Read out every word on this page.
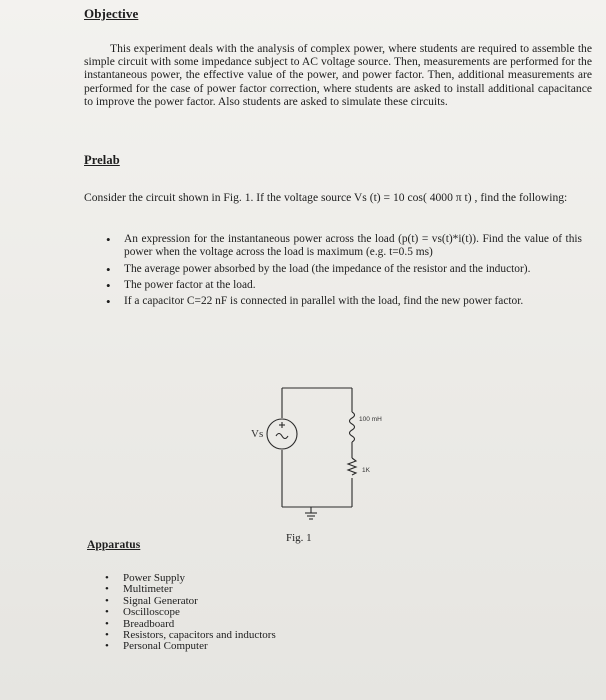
Objective
This experiment deals with the analysis of complex power, where students are required to assemble the simple circuit with some impedance subject to AC voltage source. Then, measurements are performed for the instantaneous power, the effective value of the power, and power factor. Then, additional measurements are performed for the case of power factor correction, where students are asked to install additional capacitance to improve the power factor. Also students are asked to simulate these circuits.
Prelab
Consider the circuit shown in Fig. 1. If the voltage source Vs (t) = 10 cos( 4000 π t) , find the following:
• An expression for the instantaneous power across the load (p(t) = vs(t)*i(t)). Find the value of this power when the voltage across the load is maximum (e.g. t=0.5 ms)
• The average power absorbed by the load (the impedance of the resistor and the inductor).
• The power factor at the load.
• If a capacitor C=22 nF is connected in parallel with the load, find the new power factor.
Vs
100 mH
1K
Fig. 1
Apparatus
• Power Supply
• Multimeter
• Signal Generator
• Oscilloscope
• Breadboard
• Resistors, capacitors and inductors
• Personal Computer
